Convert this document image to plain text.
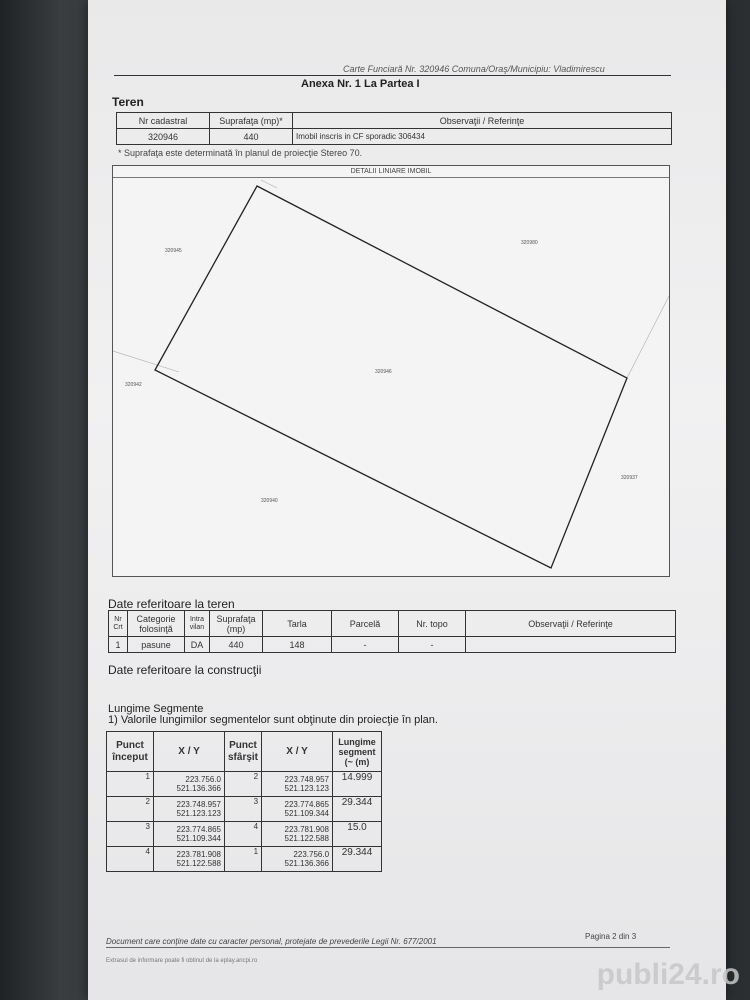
Carte Funciară Nr. 320946 Comuna/Oraş/Municipiu: Vladimirescu
Anexa Nr. 1 La Partea I
Teren
Nr cadastral	Suprafaţa (mp)*	Observaţii / Referinţe
320946	440	Imobil inscris in CF sporadic 306434
* Suprafaţa este determinată în planul de proiecţie Stereo 70.
DETALII LINIARE IMOBIL
320946
320945
320980
320942
320937
320940
Date referitoare la teren
Nr Crt	Categorie folosinţă	Intra vilan	Suprafaţa (mp)	Tarla	Parcelă	Nr. topo	Observaţii / Referinţe
1	pasune	DA	440	148	-	-	
Date referitoare la construcţii
Lungime Segmente
1) Valorile lungimilor segmentelor sunt obţinute din proiecţie în plan.
Punct început	X / Y	Punct sfârşit	X / Y	Lungime segment (~ (m)
1	223.756.0
521.136.366	2	223.748.957
521.123.123	14.999
2	223.748.957
521.123.123	3	223.774.865
521.109.344	29.344
3	223.774.865
521.109.344	4	223.781.908
521.122.588	15.0
4	223.781.908
521.122.588	1	223.756.0
521.136.366	29.344
Document care conţine date cu caracter personal, protejate de prevederile Legii Nr. 677/2001
Pagina 2 din 3
Extrasul de informare poate fi obtinut de la eplay.ancpi.ro	publi24.ro
